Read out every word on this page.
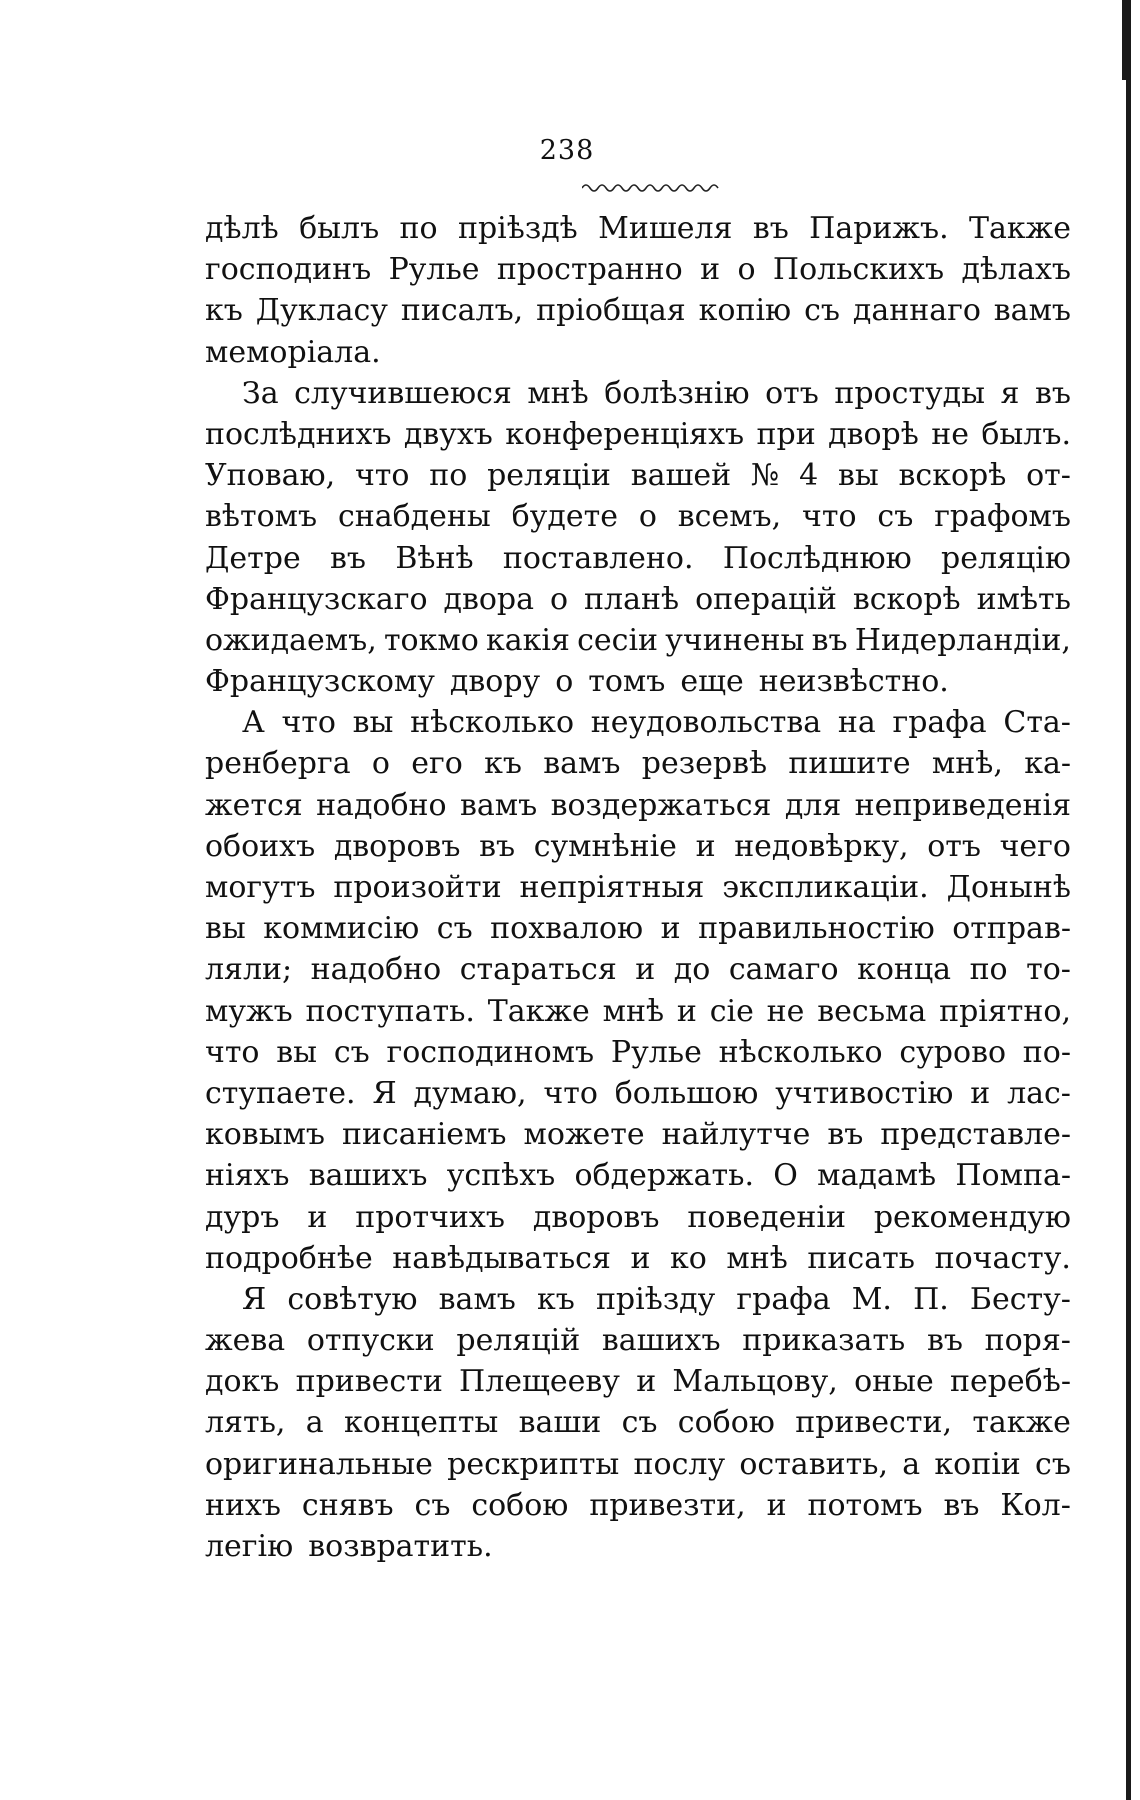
238
дѣлѣ былъ по пріѣздѣ Мишеля въ Парижъ. Также
господинъ Рулье пространно и о Польскихъ дѣлахъ
къ Дукласу писалъ, пріобщая копію съ даннаго вамъ
меморіала.
За случившеюся мнѣ болѣзнію отъ простуды я въ
послѣднихъ двухъ конференціяхъ при дворѣ не былъ.
Уповаю, что по реляціи вашей № 4 вы вскорѣ от-
вѣтомъ снабдены будете о всемъ, что съ графомъ
Детре въ Вѣнѣ поставлено. Послѣднюю реляцію
Французскаго двора о планѣ операцій вскорѣ имѣть
ожидаемъ, токмо какія сесіи учинены въ Нидерландіи,
Французскому двору о томъ еще неизвѣстно.
А что вы нѣсколько неудовольства на графа Ста-
ренберга о его къ вамъ резервѣ пишите мнѣ, ка-
жется надобно вамъ воздержаться для неприведенія
обоихъ дворовъ въ сумнѣніе и недовѣрку, отъ чего
могутъ произойти непріятныя экспликаціи. Донынѣ
вы коммисію съ похвалою и правильностію отправ-
ляли; надобно стараться и до самаго конца по то-
мужъ поступать. Также мнѣ и сіе не весьма пріятно,
что вы съ господиномъ Рулье нѣсколько сурово по-
ступаете. Я думаю, что большою учтивостію и лас-
ковымъ писаніемъ можете найлутче въ представле-
ніяхъ вашихъ успѣхъ обдержать. О мадамѣ Помпа-
дуръ и протчихъ дворовъ поведеніи рекомендую
подробнѣе навѣдываться и ко мнѣ писать почасту.
Я совѣтую вамъ къ пріѣзду графа М. П. Бесту-
жева отпуски реляцій вашихъ приказать въ поря-
докъ привести Плещееву и Мальцову, оные перебѣ-
лять, а концепты ваши съ собою привести, также
оригинальные рескрипты послу оставить, а копіи съ
нихъ снявъ съ собою привезти, и потомъ въ Кол-
легію возвратить.
